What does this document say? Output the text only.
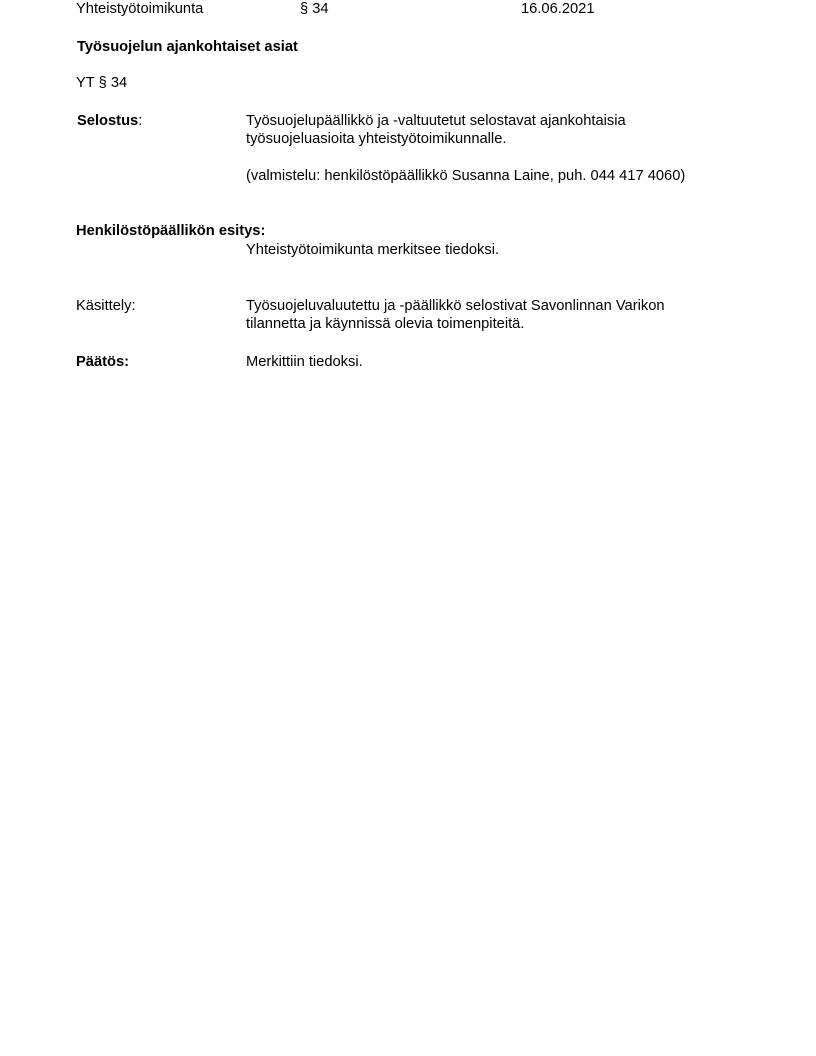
Yhteistyötoimikunta	§ 34	16.06.2021
Työsuojelun ajankohtaiset asiat
YT § 34
Selostus:	Työsuojelupäällikkö ja -valtuutetut selostavat ajankohtaisia
työsuojeluasioita yhteistyötoimikunnalle.
(valmistelu: henkilöstöpäällikkö Susanna Laine, puh. 044 417 4060)
Henkilöstöpäällikön esitys:
Yhteistyötoimikunta merkitsee tiedoksi.
Käsittely:	Työsuojeluvaluutettu ja -päällikkö selostivat Savonlinnan Varikon
tilannetta ja käynnissä olevia toimenpiteitä.
Päätös:	Merkittiin tiedoksi.
